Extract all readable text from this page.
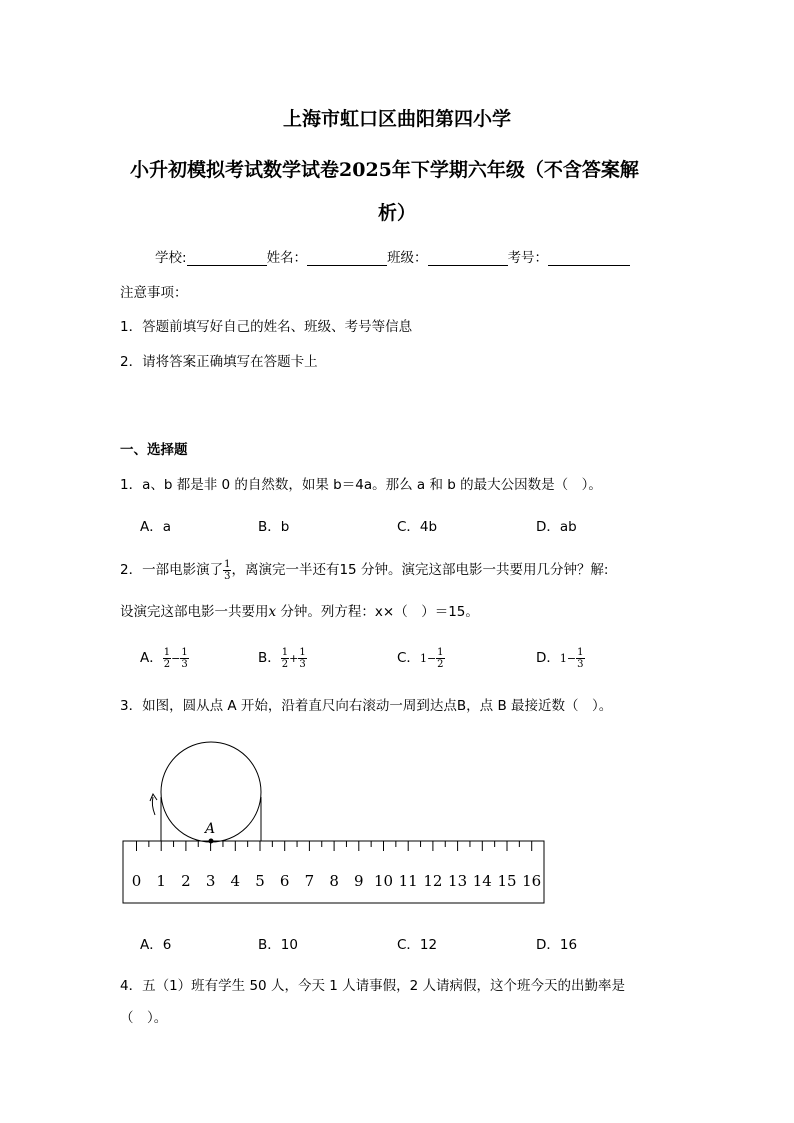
上海市虹口区曲阳第四小学
小升初模拟考试数学试卷2025年下学期六年级（不含答案解
析）
学校:	姓名：	班级：	考号：
注意事项：
1．答题前填写好自己的姓名、班级、考号等信息
2．请将答案正确填写在答题卡上
一、选择题
1．a、b 都是非 0 的自然数，如果 b＝4a。那么 a 和 b 的最大公因数是（　）。
A．a	B．b	C．4b	D．ab
2．一部电影演了 $\frac{1}{3}$ ，离演完一半还有15 分钟。演完这部电影一共要用几分钟？解:
设演完这部电影一共要用x 分钟。列方程：x×（　）＝15。
A． $\frac{1}{2} - \frac{1}{3}$	B． $\frac{1}{2} + \frac{1}{3}$	C．$1- \frac{1}{2}$	D．$1- \frac{1}{3}$
3．如图，圆从点 A 开始，沿着直尺向右滚动一周到达点B，点 B 最接近数（　）。
A
0 1 2 3 4 5 6 7 8 9 10 11 12 13 14 15 16
A．6	B．10	C．12	D．16
4．五（1）班有学生 50 人，今天 1 人请事假，2 人请病假，这个班今天的出勤率是
（　）。
